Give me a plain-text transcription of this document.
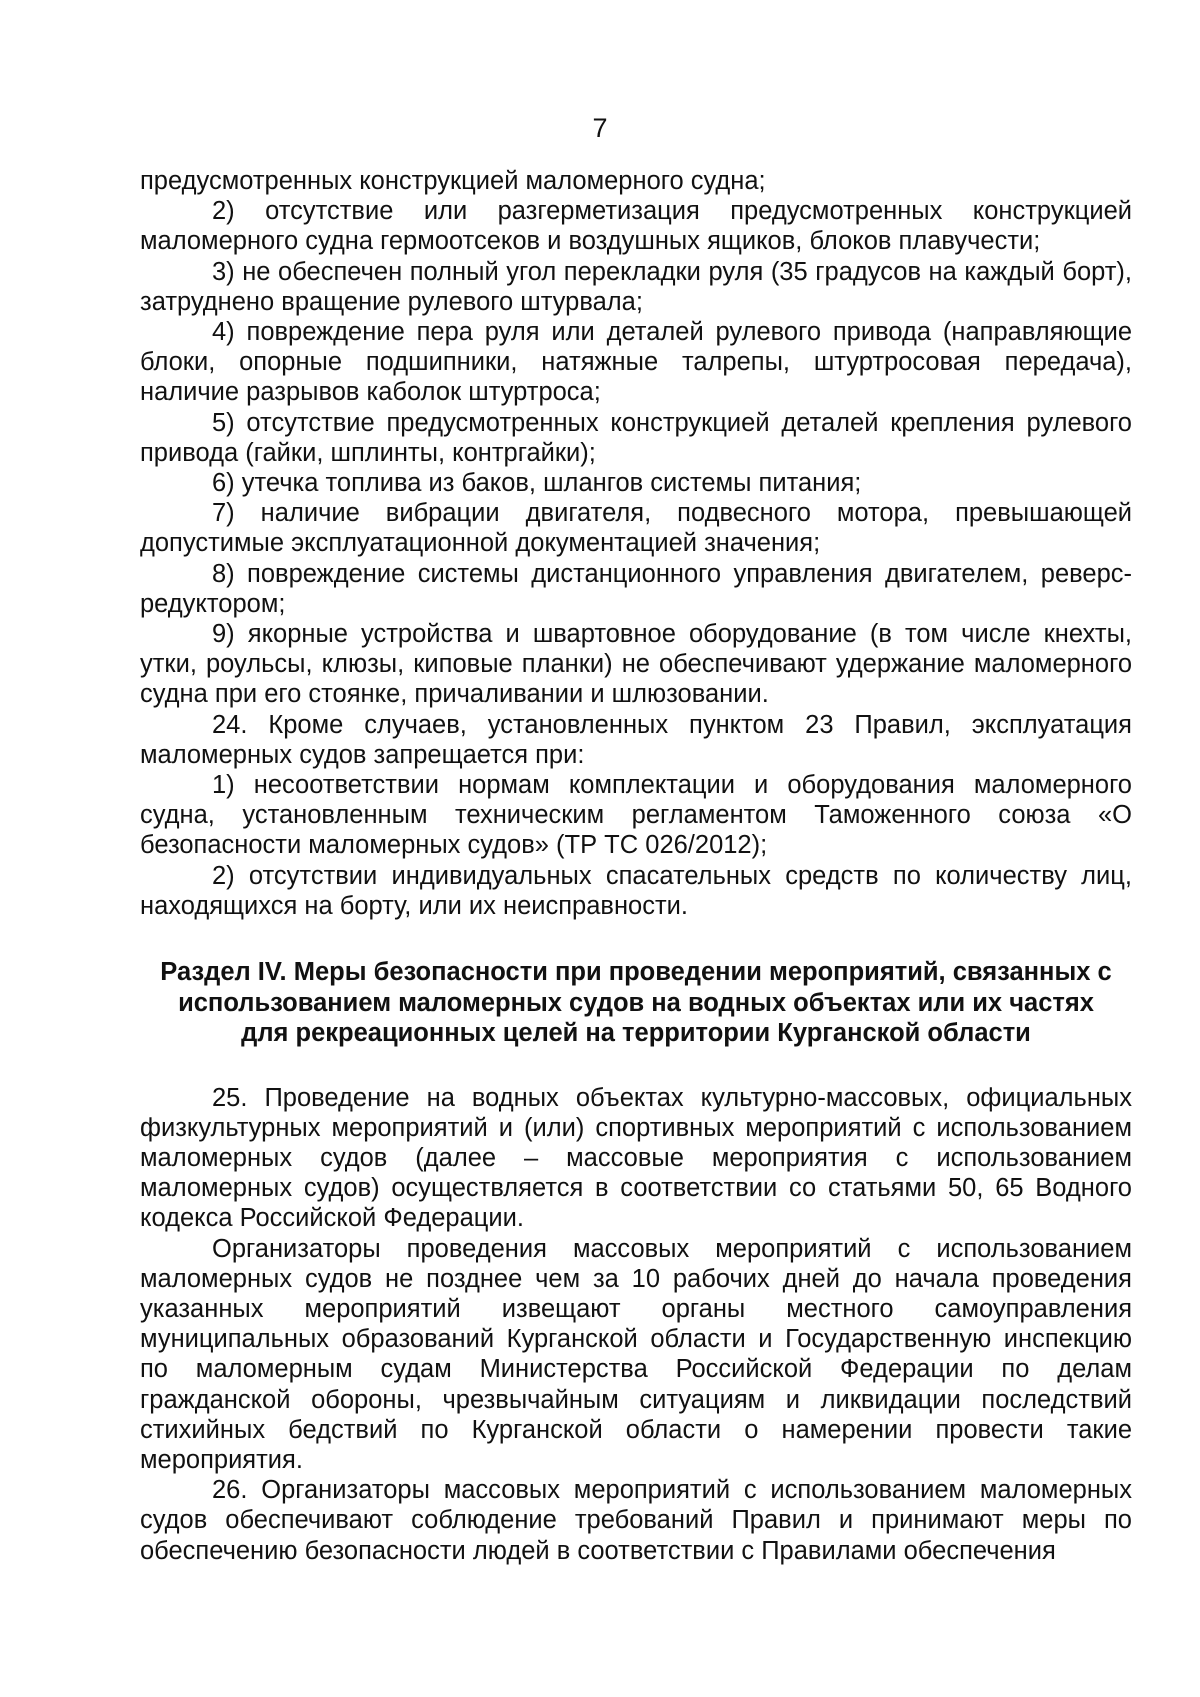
7

предусмотренных конструкцией маломерного судна;

2) отсутствие или разгерметизация предусмотренных конструкцией маломерного судна гермоотсеков и воздушных ящиков, блоков плавучести;

3) не обеспечен полный угол перекладки руля (35 градусов на каждый борт), затруднено вращение рулевого штурвала;

4) повреждение пера руля или деталей рулевого привода (направляющие блоки, опорные подшипники, натяжные талрепы, штуртросовая передача), наличие разрывов каболок штуртроса;

5) отсутствие предусмотренных конструкцией деталей крепления рулевого привода (гайки, шплинты, контргайки);

6) утечка топлива из баков, шлангов системы питания;

7) наличие вибрации двигателя, подвесного мотора, превышающей допустимые эксплуатационной документацией значения;

8) повреждение системы дистанционного управления двигателем, реверс-редуктором;

9) якорные устройства и швартовное оборудование (в том числе кнехты, утки, роульсы, клюзы, киповые планки) не обеспечивают удержание маломерного судна при его стоянке, причаливании и шлюзовании.

24. Кроме случаев, установленных пунктом 23 Правил, эксплуатация маломерных судов запрещается при:

1) несоответствии нормам комплектации и оборудования маломерного судна, установленным техническим регламентом Таможенного союза «О безопасности маломерных судов» (ТР ТС 026/2012);

2) отсутствии индивидуальных спасательных средств по количеству лиц, находящихся на борту, или их неисправности.

Раздел IV. Меры безопасности при проведении мероприятий, связанных с использованием маломерных судов на водных объектах или их частях для рекреационных целей на территории Курганской области

25. Проведение на водных объектах культурно-массовых, официальных физкультурных мероприятий и (или) спортивных мероприятий с использованием маломерных судов (далее – массовые мероприятия с использованием маломерных судов) осуществляется в соответствии со статьями 50, 65 Водного кодекса Российской Федерации.

Организаторы проведения массовых мероприятий с использованием маломерных судов не позднее чем за 10 рабочих дней до начала проведения указанных мероприятий извещают органы местного самоуправления муниципальных образований Курганской области и Государственную инспекцию по маломерным судам Министерства Российской Федерации по делам гражданской обороны, чрезвычайным ситуациям и ликвидации последствий стихийных бедствий по Курганской области о намерении провести такие мероприятия.

26. Организаторы массовых мероприятий с использованием маломерных судов обеспечивают соблюдение требований Правил и принимают меры по обеспечению безопасности людей в соответствии с Правилами обеспечения
